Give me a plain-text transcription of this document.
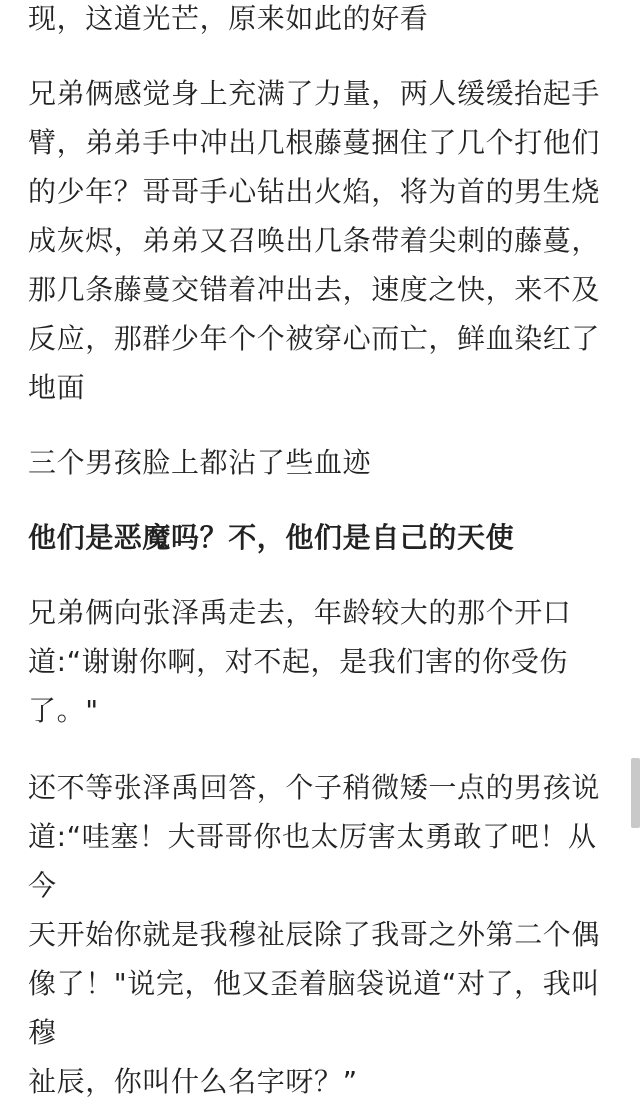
现，这道光芒，原来如此的好看

兄弟俩感觉身上充满了力量，两人缓缓抬起手
臂，弟弟手中冲出几根藤蔓捆住了几个打他们
的少年？哥哥手心钻出火焰，将为首的男生烧
成灰烬，弟弟又召唤出几条带着尖刺的藤蔓，
那几条藤蔓交错着冲出去，速度之快，来不及
反应，那群少年个个被穿心而亡，鲜血染红了
地面

三个男孩脸上都沾了些血迹

他们是恶魔吗？不，他们是自己的天使

兄弟俩向张泽禹走去，年龄较大的那个开口
道:“谢谢你啊，对不起，是我们害的你受伤
了。"

还不等张泽禹回答，个子稍微矮一点的男孩说
道:“哇塞！大哥哥你也太厉害太勇敢了吧！从今
天开始你就是我穆祉辰除了我哥之外第二个偶
像了！"说完，他又歪着脑袋说道“对了，我叫穆
祉辰，你叫什么名字呀？”
